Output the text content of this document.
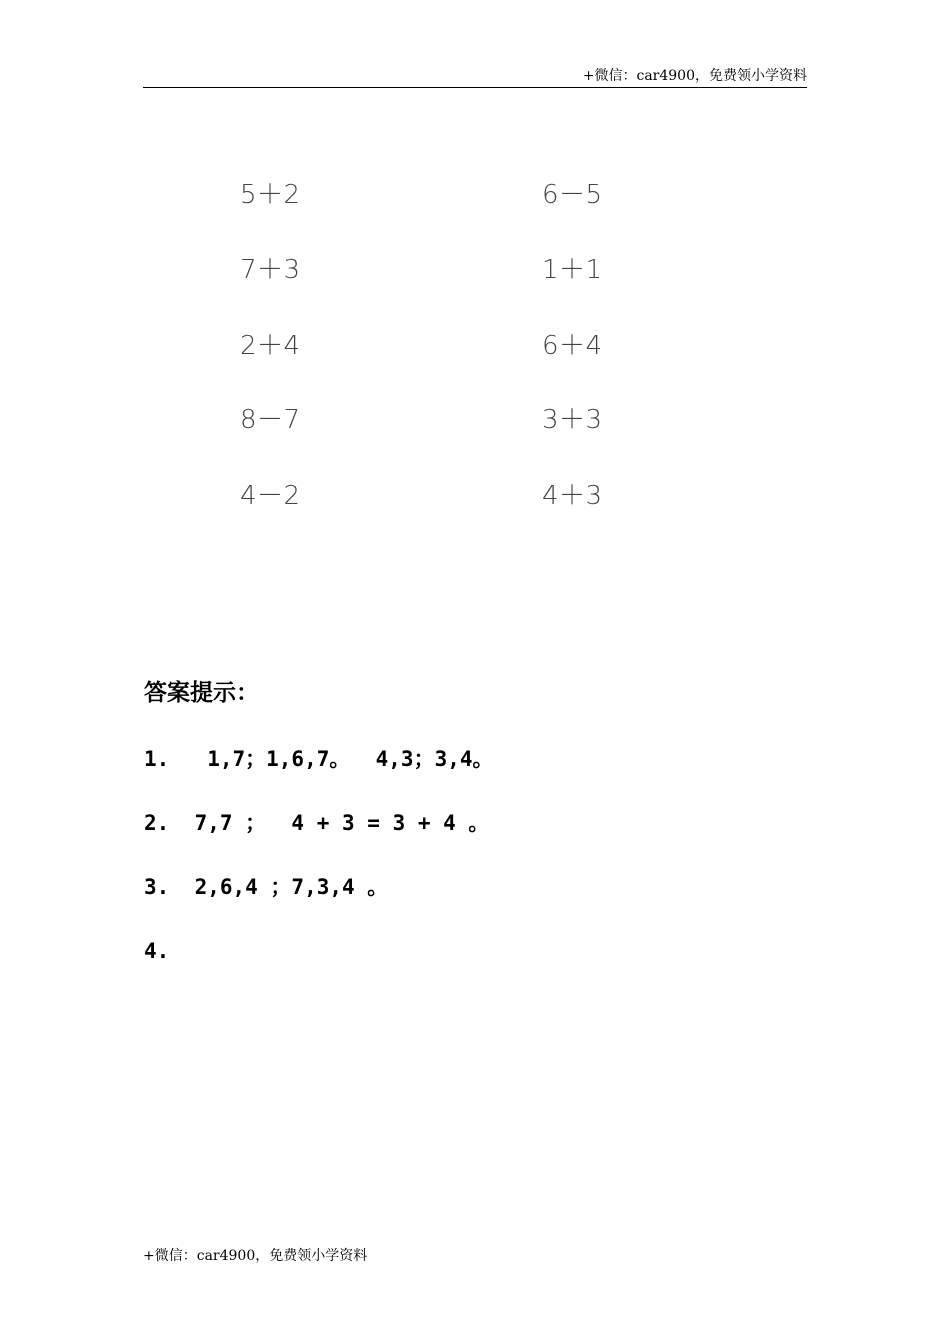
+微信：car4900，免费领小学资料
5＋2
7＋3
2＋4
8－7
4－2
6－5
1＋1
6＋4
3＋3
4＋3
答案提示：
1.   1,7；1,6,7。  4,3；3,4。
2.  7,7 ；  4 + 3 = 3 + 4 。
3.  2,6,4 ；7,3,4 。
4.
+微信：car4900，免费领小学资料
